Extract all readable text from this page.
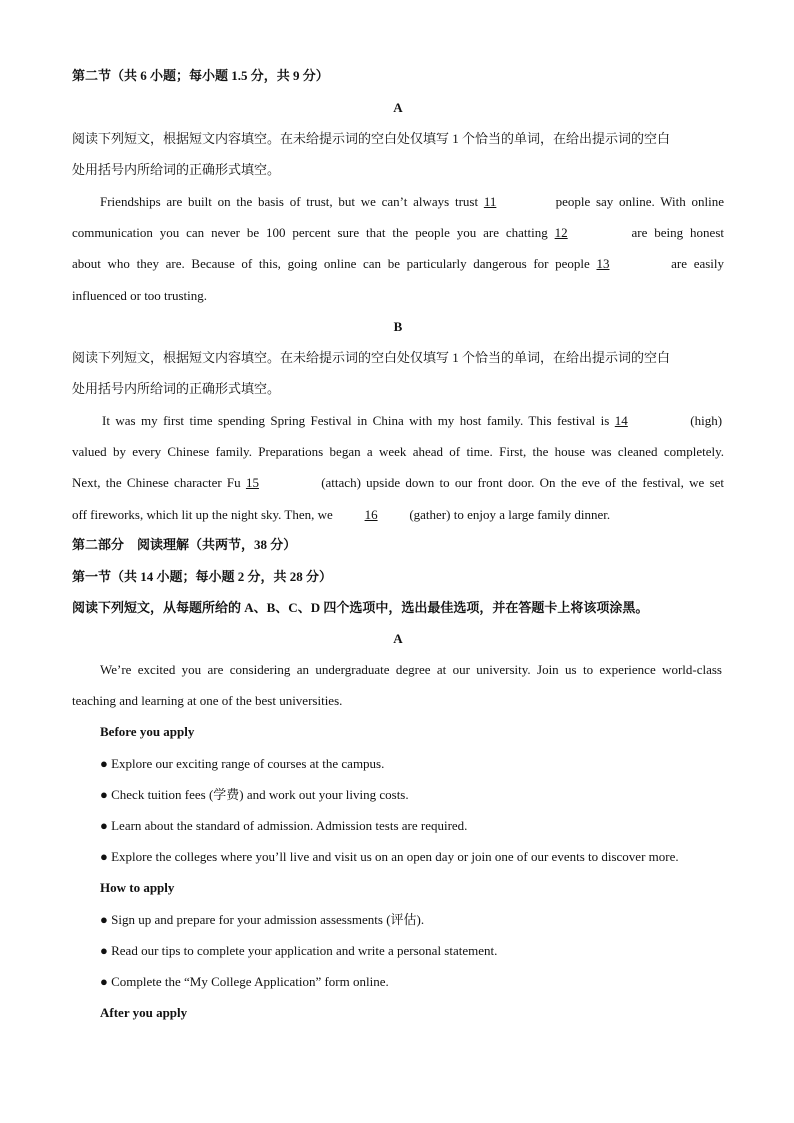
第二节（共 6 小题；每小题 1.5 分，共 9 分）
A
阅读下列短文，根据短文内容填空。在未给提示词的空白处仅填写 1 个恰当的单词，在给出提示词的空白
处用括号内所给词的正确形式填空。
Friendships are built on the basis of trust, but we can’t always trust 11	people say online. With online
communication you can never be 100 percent sure that the people you are chatting 12	are being honest
about who they are. Because of this, going online can be particularly dangerous for people 13	are easily
influenced or too trusting.
B
阅读下列短文，根据短文内容填空。在未给提示词的空白处仅填写 1 个恰当的单词，在给出提示词的空白
处用括号内所给词的正确形式填空。
It was my first time spending Spring Festival in China with my host family. This festival is 14	(high)
valued by every Chinese family. Preparations began a week ahead of time. First, the house was cleaned completely.
Next, the Chinese character Fu 15	(attach) upside down to our front door. On the eve of the festival, we set
off fireworks, which lit up the night sky. Then, we 16 (gather) to enjoy a large family dinner.
第二部分　阅读理解（共两节，38 分）
第一节（共 14 小题；每小题 2 分，共 28 分）
阅读下列短文，从每题所给的 A、B、C、D 四个选项中，选出最佳选项，并在答题卡上将该项涂黑。
A
We’re excited you are considering an undergraduate degree at our university. Join us to experience world-class
teaching and learning at one of the best universities.
Before you apply
● Explore our exciting range of courses at the campus.
● Check tuition fees (学费) and work out your living costs.
● Learn about the standard of admission. Admission tests are required.
● Explore the colleges where you’ll live and visit us on an open day or join one of our events to discover more.
How to apply
● Sign up and prepare for your admission assessments (评估).
● Read our tips to complete your application and write a personal statement.
● Complete the “My College Application” form online.
After you apply
